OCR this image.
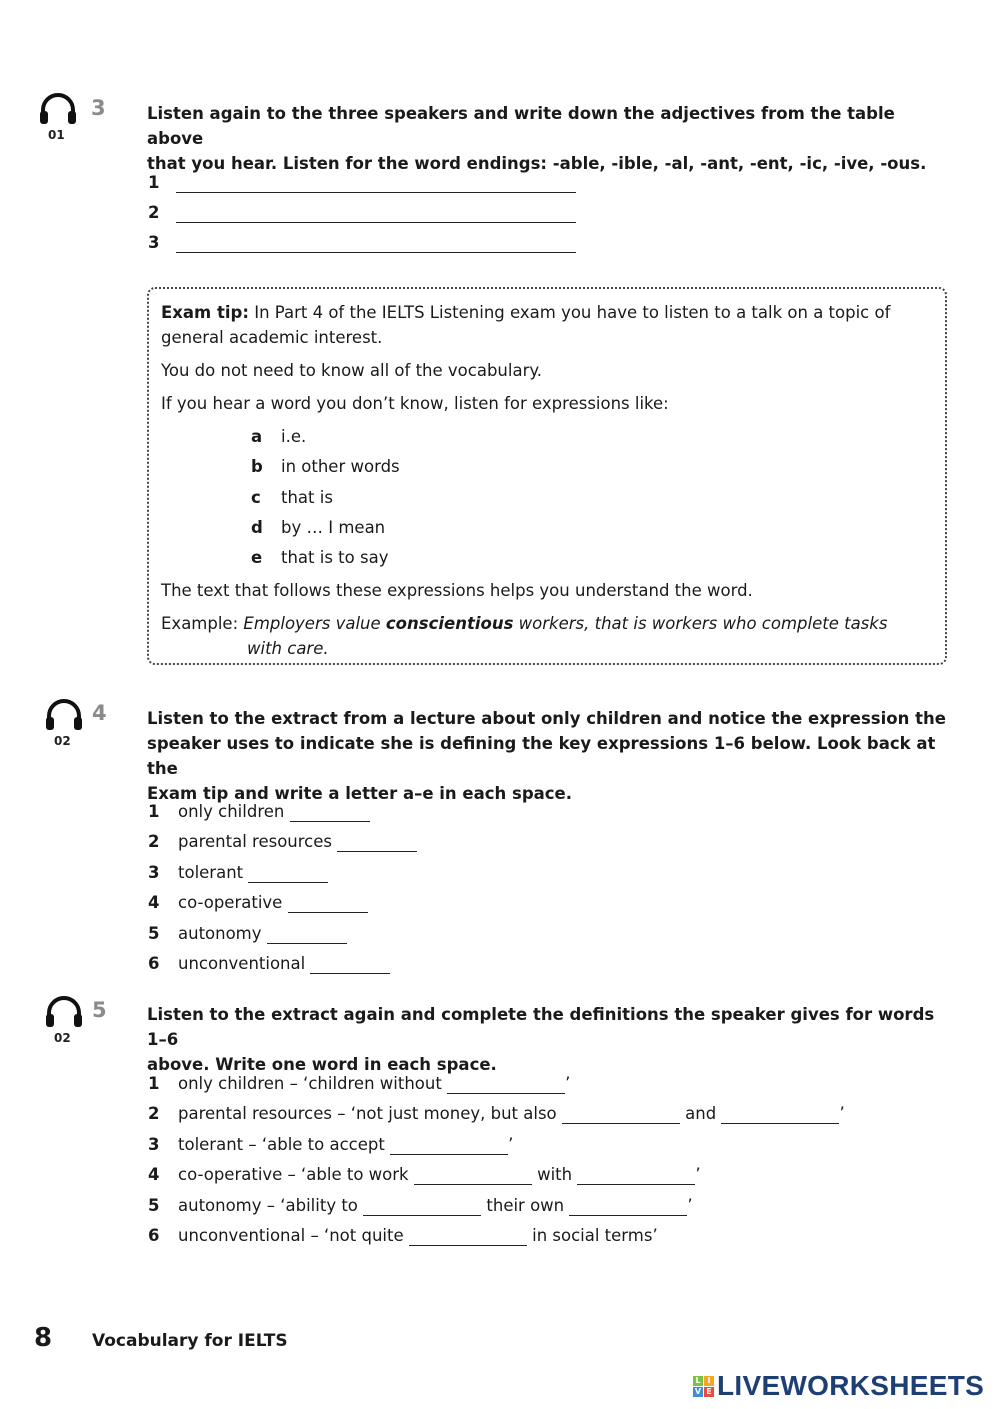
01
3	Listen again to the three speakers and write down the adjectives from the table above
that you hear. Listen for the word endings: -able, -ible, -al, -ant, -ent, -ic, -ive, -ous.
Exam tip: In Part 4 of the IELTS Listening exam you have to listen to a talk on a topic of
general academic interest.
You do not need to know all of the vocabulary.
If you hear a word you don’t know, listen for expressions like:
a i.e.
b in other words
c that is
d by … I mean
e that is to say
The text that follows these expressions helps you understand the word.
Example: Employers value conscientious workers, that is workers who complete tasks
with care.
02
4 Listen to the extract from a lecture about only children and notice the expression the
speaker uses to indicate she is defining the key expressions 1–6 below. Look back at the
Exam tip and write a letter a–e in each space.
02
5 Listen to the extract again and complete the definitions the speaker gives for words 1–6
above. Write one word in each space.
8 Vocabulary for IELTS
L I
V E LIVEWORKSHEETS
1
2
3
1 only children
2 parental resources
3 tolerant
4 co-operative
5 autonomy
6 unconventional
1 only children – ‘children without	’
2 parental resources – ‘not just money, but also	and	’
3 tolerant – ‘able to accept	’
4 co-operative – ‘able to work	with	’
5 autonomy – ‘ability to	their own	’
6 unconventional – ‘not quite	in social terms’
